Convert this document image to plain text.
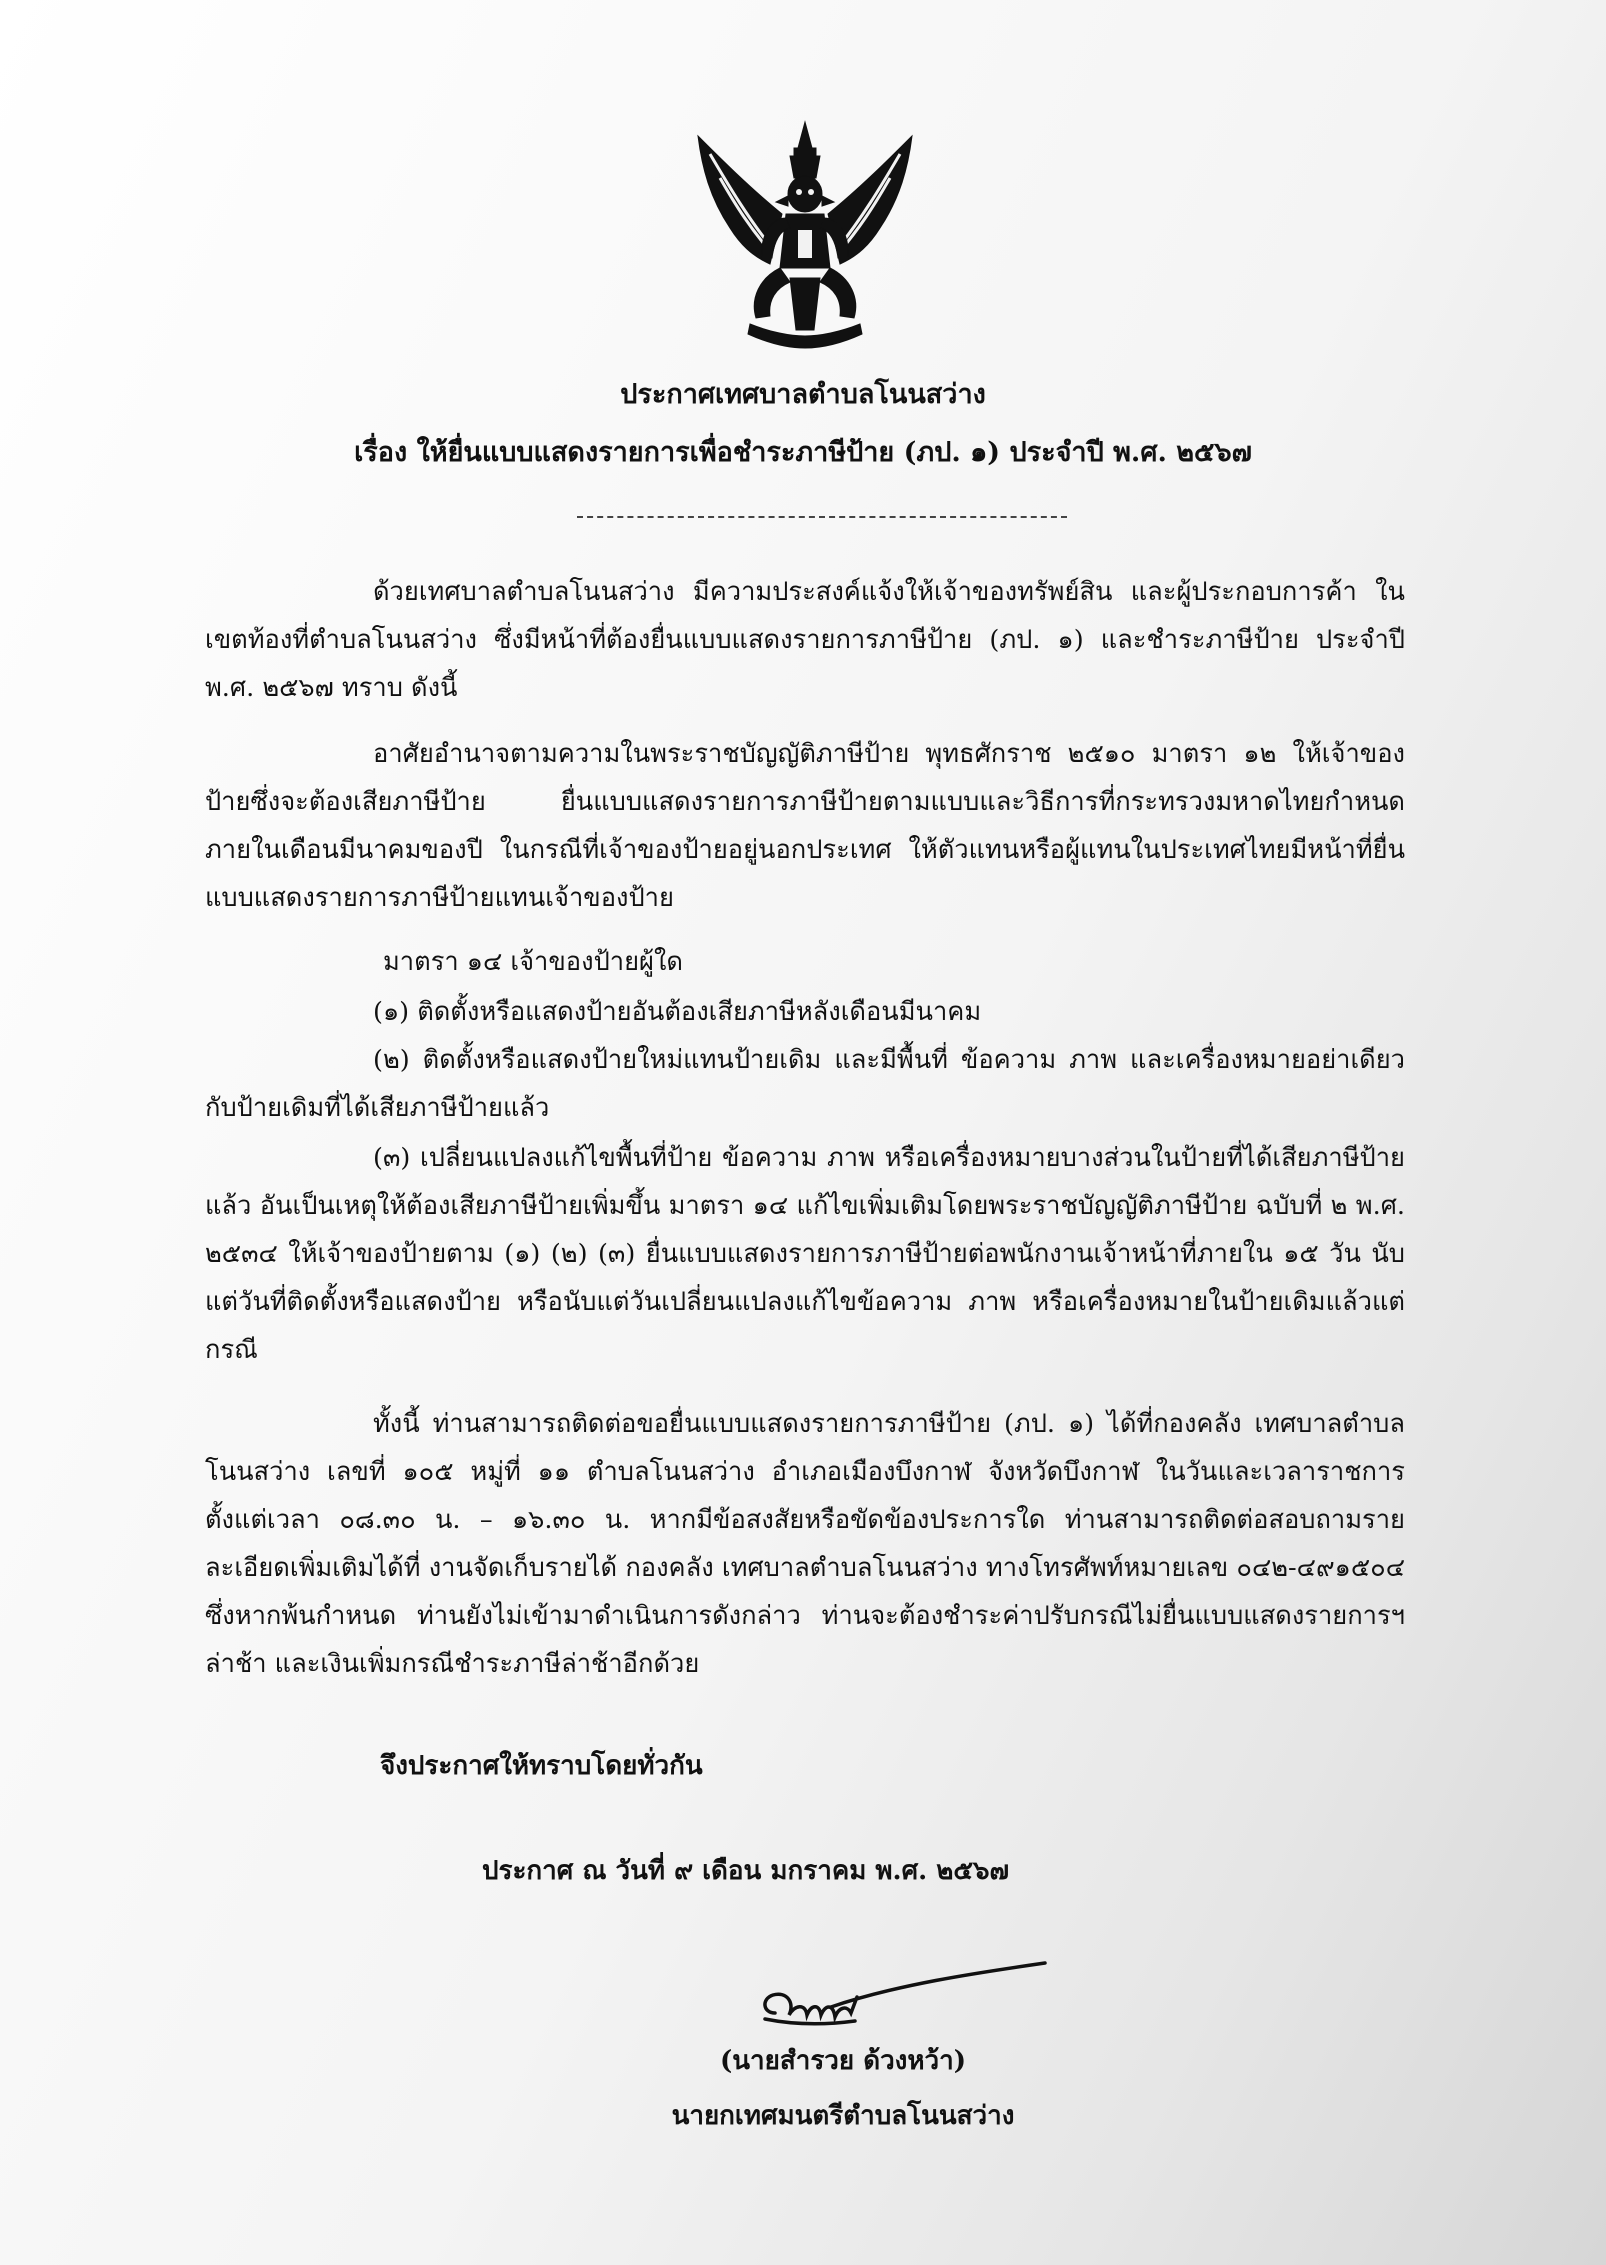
ประกาศเทศบาลตำบลโนนสว่าง
เรื่อง ให้ยื่นแบบแสดงรายการเพื่อชำระภาษีป้าย (ภป. ๑) ประจำปี พ.ศ. ๒๕๖๗
ด้วยเทศบาลตำบลโนนสว่าง มีความประสงค์แจ้งให้เจ้าของทรัพย์สิน และผู้ประกอบการค้า ในเขตท้องที่ตำบลโนนสว่าง ซึ่งมีหน้าที่ต้องยื่นแบบแสดงรายการภาษีป้าย (ภป. ๑) และชำระภาษีป้าย ประจำปี พ.ศ. ๒๕๖๗ ทราบ ดังนี้
อาศัยอำนาจตามความในพระราชบัญญัติภาษีป้าย พุทธศักราช ๒๕๑๐ มาตรา ๑๒ ให้เจ้าของป้ายซึ่งจะต้องเสียภาษีป้าย ยื่นแบบแสดงรายการภาษีป้ายตามแบบและวิธีการที่กระทรวงมหาดไทยกำหนดภายในเดือนมีนาคมของปี ในกรณีที่เจ้าของป้ายอยู่นอกประเทศ ให้ตัวแทนหรือผู้แทนในประเทศไทยมีหน้าที่ยื่นแบบแสดงรายการภาษีป้ายแทนเจ้าของป้าย
มาตรา ๑๔ เจ้าของป้ายผู้ใด
(๑) ติดตั้งหรือแสดงป้ายอันต้องเสียภาษีหลังเดือนมีนาคม
(๒) ติดตั้งหรือแสดงป้ายใหม่แทนป้ายเดิม และมีพื้นที่ ข้อความ ภาพ และเครื่องหมายอย่าเดียวกับป้ายเดิมที่ได้เสียภาษีป้ายแล้ว
(๓) เปลี่ยนแปลงแก้ไขพื้นที่ป้าย ข้อความ ภาพ หรือเครื่องหมายบางส่วนในป้ายที่ได้เสียภาษีป้ายแล้ว อันเป็นเหตุให้ต้องเสียภาษีป้ายเพิ่มขึ้น มาตรา ๑๔ แก้ไขเพิ่มเติมโดยพระราชบัญญัติภาษีป้าย ฉบับที่ ๒ พ.ศ. ๒๕๓๔ ให้เจ้าของป้ายตาม (๑) (๒) (๓) ยื่นแบบแสดงรายการภาษีป้ายต่อพนักงานเจ้าหน้าที่ภายใน ๑๕ วัน นับแต่วันที่ติดตั้งหรือแสดงป้าย หรือนับแต่วันเปลี่ยนแปลงแก้ไขข้อความ ภาพ หรือเครื่องหมายในป้ายเดิมแล้วแต่กรณี
ทั้งนี้ ท่านสามารถติดต่อขอยื่นแบบแสดงรายการภาษีป้าย (ภป. ๑) ได้ที่กองคลัง เทศบาลตำบลโนนสว่าง เลขที่ ๑๐๕ หมู่ที่ ๑๑ ตำบลโนนสว่าง อำเภอเมืองบึงกาฬ จังหวัดบึงกาฬ ในวันและเวลาราชการ ตั้งแต่เวลา ๐๘.๓๐ น. – ๑๖.๓๐ น. หากมีข้อสงสัยหรือขัดข้องประการใด ท่านสามารถติดต่อสอบถามรายละเอียดเพิ่มเติมได้ที่ งานจัดเก็บรายได้ กองคลัง เทศบาลตำบลโนนสว่าง ทางโทรศัพท์หมายเลข ๐๔๒-๔๙๑๕๐๔ ซึ่งหากพ้นกำหนด ท่านยังไม่เข้ามาดำเนินการดังกล่าว ท่านจะต้องชำระค่าปรับกรณีไม่ยื่นแบบแสดงรายการฯ ล่าช้า และเงินเพิ่มกรณีชำระภาษีล่าช้าอีกด้วย
จึงประกาศให้ทราบโดยทั่วกัน
ประกาศ ณ วันที่ ๙ เดือน มกราคม พ.ศ. ๒๕๖๗
(นายสำรวย ด้วงหว้า)
นายกเทศมนตรีตำบลโนนสว่าง
